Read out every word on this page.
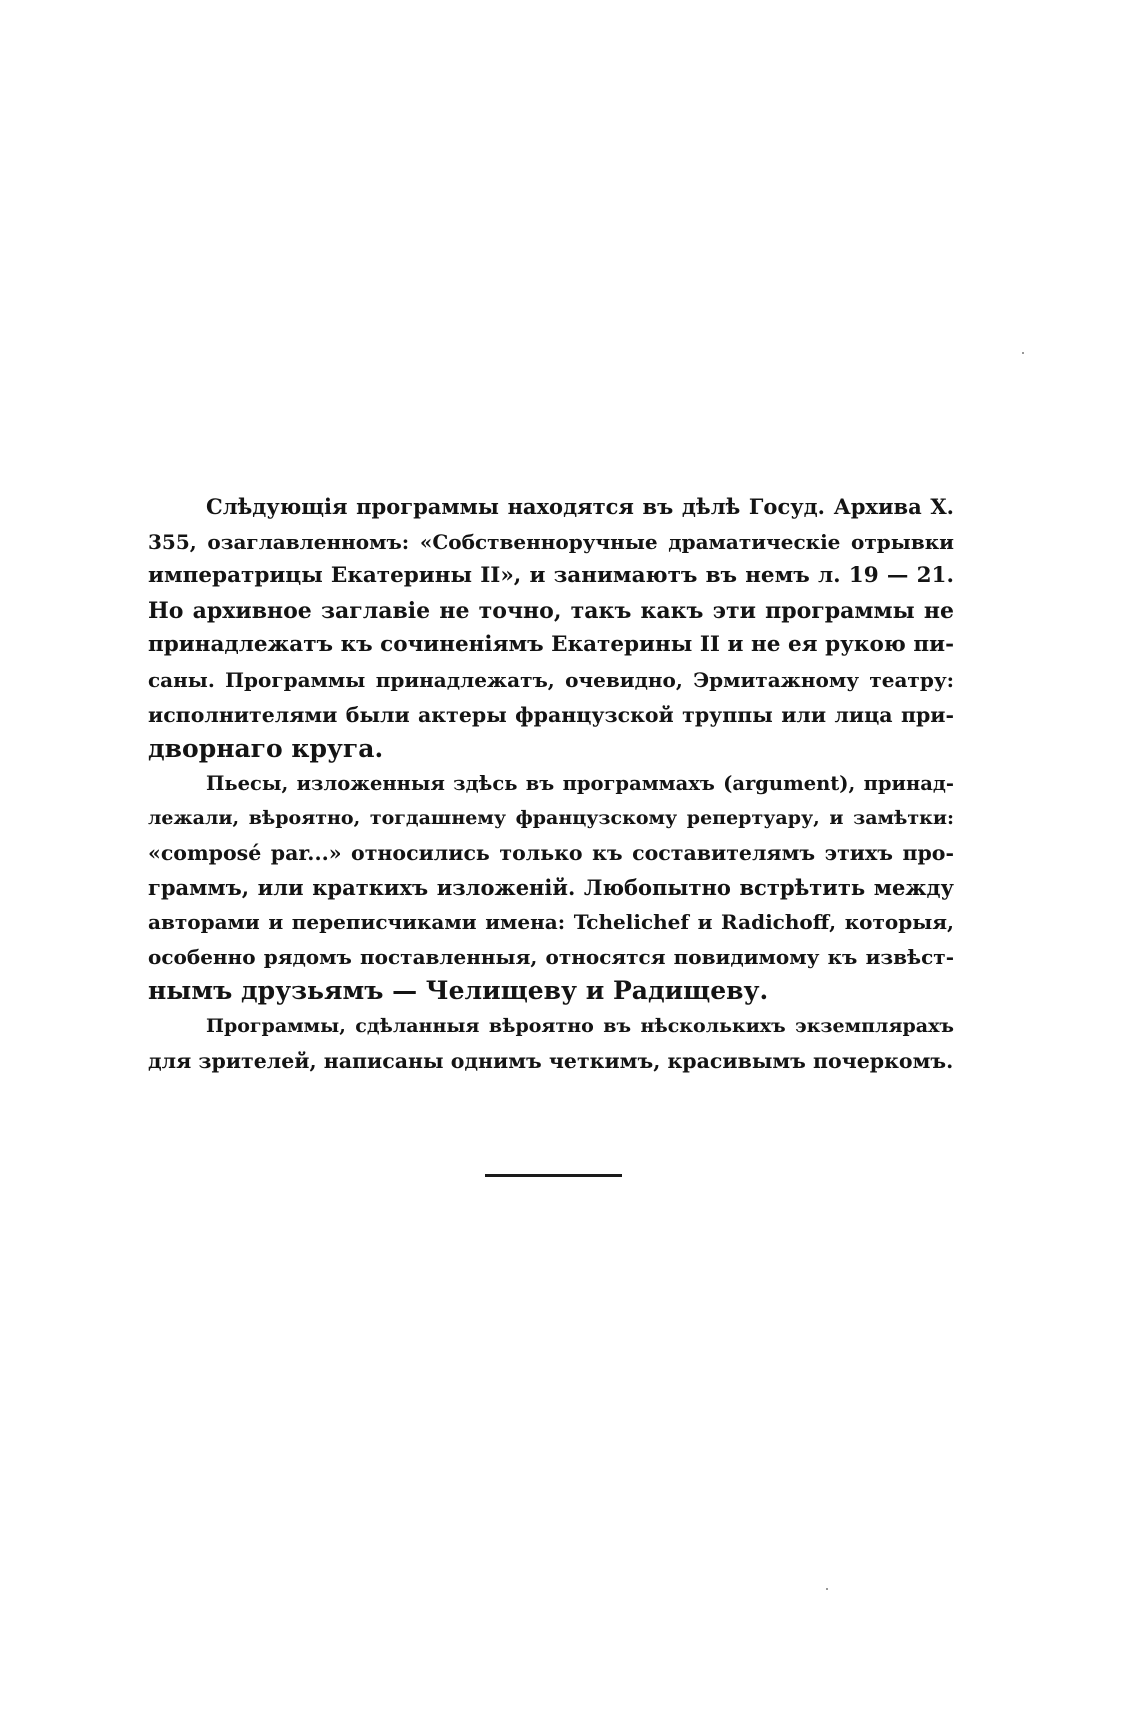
Слѣдующія программы находятся въ дѣлѣ Госуд. Архива X.
355, озаглавленномъ: «Собственноручные драматическіе отрывки
императрицы Екатерины II», и занимаютъ въ немъ л. 19 — 21.
Но архивное заглавіе не точно, такъ какъ эти программы не
принадлежатъ къ сочиненіямъ Екатерины II и не ея рукою пи-
саны. Программы принадлежатъ, очевидно, Эрмитажному театру:
исполнителями были актеры французской труппы или лица при-
дворнаго круга.
Пьесы, изложенныя здѣсь въ программахъ (argument), принад-
лежали, вѣроятно, тогдашнему французскому репертуару, и замѣтки:
«composé par...» относились только къ составителямъ этихъ про-
граммъ, или краткихъ изложеній. Любопытно встрѣтить между
авторами и переписчиками имена: Tchelichef и Radichoff, которыя,
особенно рядомъ поставленныя, относятся повидимому къ извѣст-
нымъ друзьямъ — Челищеву и Радищеву.
Программы, сдѣланныя вѣроятно въ нѣсколькихъ экземплярахъ
для зрителей, написаны однимъ четкимъ, красивымъ почеркомъ.
